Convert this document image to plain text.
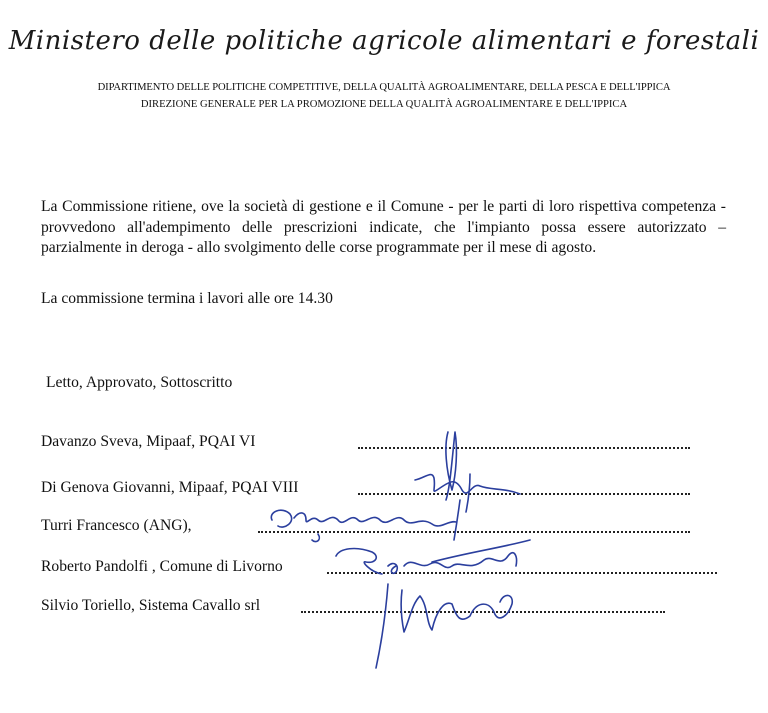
Ministero delle politiche agricole alimentari e forestali
DIPARTIMENTO DELLE POLITICHE COMPETITIVE, DELLA QUALITÀ AGROALIMENTARE, DELLA PESCA E DELL'IPPICA
DIREZIONE GENERALE PER LA PROMOZIONE DELLA QUALITÀ AGROALIMENTARE E DELL'IPPICA

La Commissione ritiene, ove la società di gestione e il Comune - per le parti di loro rispettiva competenza - provvedono all'adempimento delle prescrizioni indicate, che l'impianto possa essere autorizzato – parzialmente in deroga - allo svolgimento delle corse programmate per il mese di agosto.

La commissione termina i lavori alle ore 14.30

Letto, Approvato, Sottoscritto

Davanzo Sveva, Mipaaf, PQAI VI
Di Genova Giovanni, Mipaaf, PQAI VIII
Turri Francesco (ANG),
Roberto Pandolfi , Comune di Livorno
Silvio Toriello, Sistema Cavallo srl
